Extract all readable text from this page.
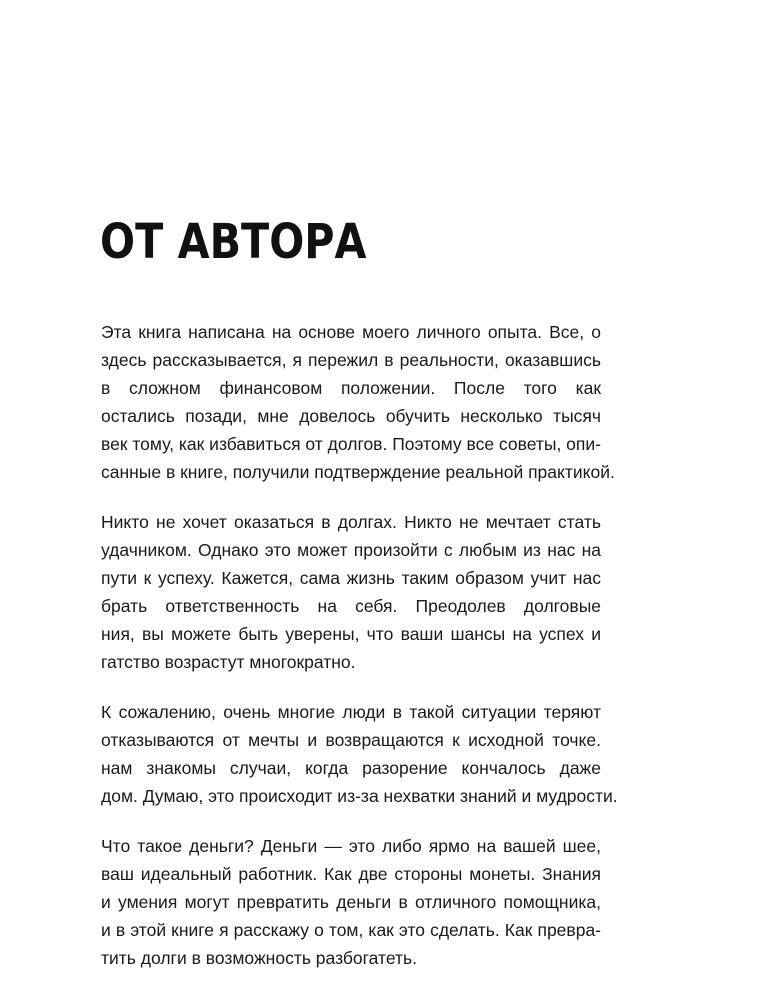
ОТ АВТОРА

Эта книга написана на основе моего личного опыта. Все, о
здесь рассказывается, я пережил в реальности, оказавшись
в сложном финансовом положении. После того как
остались позади, мне довелось обучить несколько тысяч
век тому, как избавиться от долгов. Поэтому все советы, опи-
санные в книге, получили подтверждение реальной практикой.

Никто не хочет оказаться в долгах. Никто не мечтает стать
удачником. Однако это может произойти с любым из нас на
пути к успеху. Кажется, сама жизнь таким образом учит нас
брать ответственность на себя. Преодолев долговые
ния, вы можете быть уверены, что ваши шансы на успех и
гатство возрастут многократно.

К сожалению, очень многие люди в такой ситуации теряют
отказываются от мечты и возвращаются к исходной точке.
нам знакомы случаи, когда разорение кончалось даже
дом. Думаю, это происходит из-за нехватки знаний и мудрости.

Что такое деньги? Деньги — это либо ярмо на вашей шее,
ваш идеальный работник. Как две стороны монеты. Знания
и умения могут превратить деньги в отличного помощника,
и в этой книге я расскажу о том, как это сделать. Как превра-
тить долги в возможность разбогатеть.
